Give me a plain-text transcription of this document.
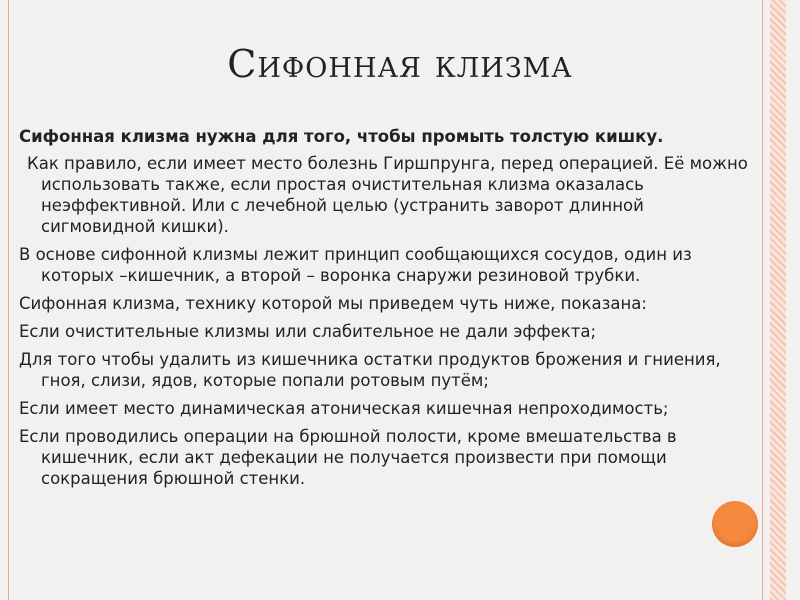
Сифонная клизма

Сифонная клизма нужна для того, чтобы промыть толстую кишку.

Как правило, если имеет место болезнь Гиршпрунга, перед операцией. Её можно использовать также, если простая очистительная клизма оказалась неэффективной. Или с лечебной целью (устранить заворот длинной сигмовидной кишки).

В основе сифонной клизмы лежит принцип сообщающихся сосудов, один из которых –кишечник, а второй – воронка снаружи резиновой трубки.

Сифонная клизма, технику которой мы приведем чуть ниже, показана:

Если очистительные клизмы или слабительное не дали эффекта;

Для того чтобы удалить из кишечника остатки продуктов брожения и гниения, гноя, слизи, ядов, которые попали ротовым путём;

Если имеет место динамическая атоническая кишечная непроходимость;

Если проводились операции на брюшной полости, кроме вмешательства в кишечник, если акт дефекации не получается произвести при помощи сокращения брюшной стенки.
